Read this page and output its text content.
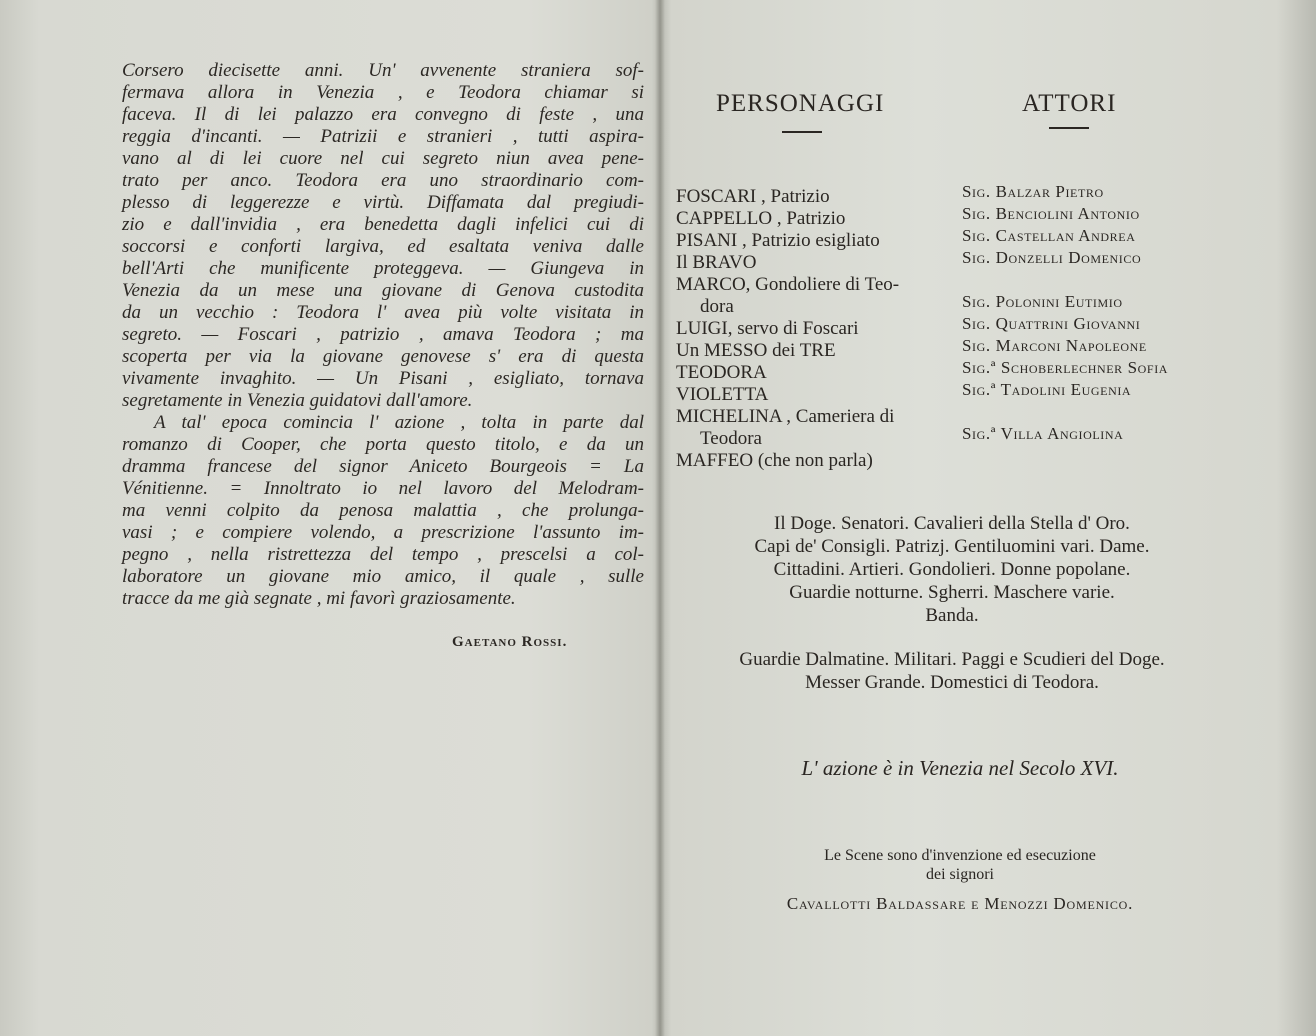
Corsero diecisette anni. Un' avvenente straniera sof-
fermava allora in Venezia , e Teodora chiamar si
faceva. Il di lei palazzo era convegno di feste , una
reggia d'incanti. — Patrizii e stranieri , tutti aspira-
vano al di lei cuore nel cui segreto niun avea pene-
trato per anco. Teodora era uno straordinario com-
plesso di leggerezze e virtù. Diffamata dal pregiudi-
zio e dall'invidia , era benedetta dagli infelici cui di
soccorsi e conforti largiva, ed esaltata veniva dalle
bell'Arti che munificente proteggeva. — Giungeva in
Venezia da un mese una giovane di Genova custodita
da un vecchio : Teodora l' avea più volte visitata in
segreto. — Foscari , patrizio , amava Teodora ; ma
scoperta per via la giovane genovese s' era di questa
vivamente invaghito. — Un Pisani , esigliato, tornava
segretamente in Venezia guidatovi dall'amore.
A tal' epoca comincia l' azione , tolta in parte dal
romanzo di Cooper, che porta questo titolo, e da un
dramma francese del signor Aniceto Bourgeois = La
Vénitienne. = Innoltrato io nel lavoro del Melodram-
ma venni colpito da penosa malattia , che prolunga-
vasi ; e compiere volendo, a prescrizione l'assunto im-
pegno , nella ristrettezza del tempo , prescelsi a col-
laboratore un giovane mio amico, il quale , sulle
tracce da me già segnate , mi favorì graziosamente.
Gaetano Rossi.
PERSONAGGI	ATTORI
FOSCARI , Patrizio
CAPPELLO , Patrizio
PISANI , Patrizio esigliato
Il BRAVO
MARCO, Gondoliere di Teo-
dora
LUIGI, servo di Foscari
Un MESSO dei TRE
TEODORA
VIOLETTA
MICHELINA , Cameriera di
Teodora
MAFFEO (che non parla)
Sig. Balzar Pietro
Sig. Benciolini Antonio
Sig. Castellan Andrea
Sig. Donzelli Domenico
Sig. Polonini Eutimio
Sig. Quattrini Giovanni
Sig. Marconi Napoleone
Sig.ª Schoberlechner Sofia
Sig.ª Tadolini Eugenia
Sig.ª Villa Angiolina
Il Doge. Senatori. Cavalieri della Stella d' Oro.
Capi de' Consigli. Patrizj. Gentiluomini vari. Dame.
Cittadini. Artieri. Gondolieri. Donne popolane.
Guardie notturne. Sgherri. Maschere varie.
Banda.
Guardie Dalmatine. Militari. Paggi e Scudieri del Doge.
Messer Grande. Domestici di Teodora.
L' azione è in Venezia nel Secolo XVI.
Le Scene sono d'invenzione ed esecuzione
dei signori
Cavallotti Baldassare e Menozzi Domenico.
